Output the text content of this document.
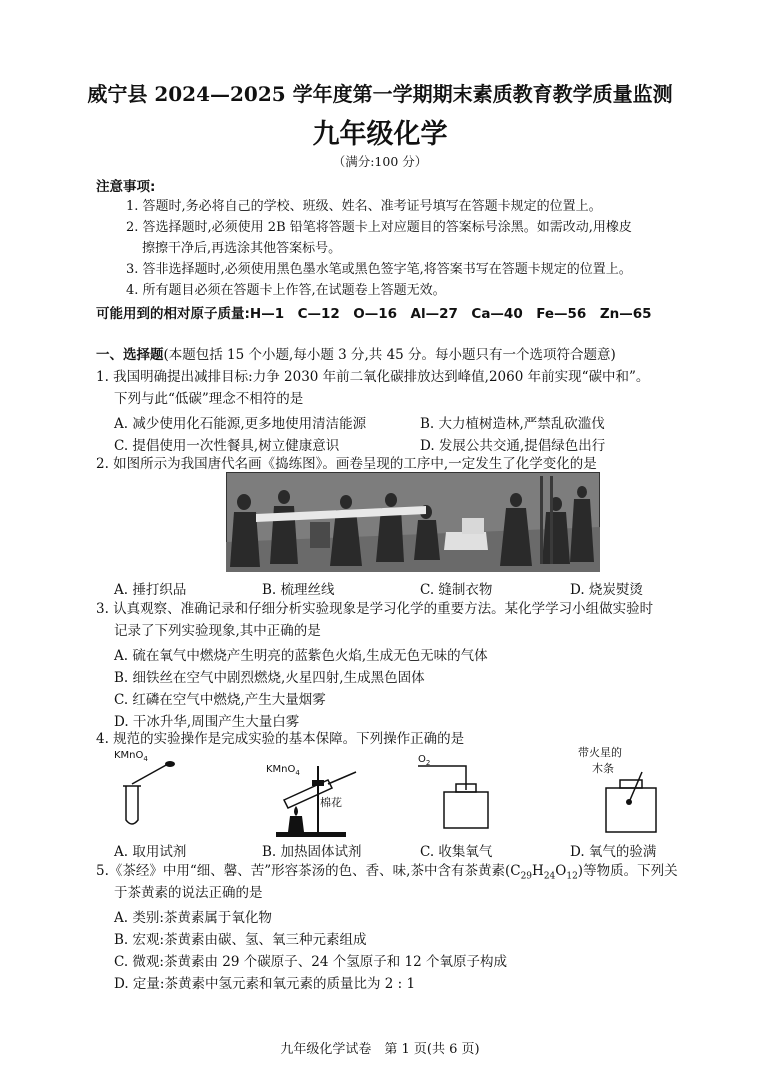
威宁县 2024—2025 学年度第一学期期末素质教育教学质量监测
九年级化学
（满分:100 分）
注意事项:
1. 答题时,务必将自己的学校、班级、姓名、准考证号填写在答题卡规定的位置上。
2. 答选择题时,必须使用 2B 铅笔将答题卡上对应题目的答案标号涂黑。如需改动,用橡皮
擦擦干净后,再选涂其他答案标号。
3. 答非选择题时,必须使用黑色墨水笔或黑色签字笔,将答案书写在答题卡规定的位置上。
4. 所有题目必须在答题卡上作答,在试题卷上答题无效。
可能用到的相对原子质量:H—1　C—12　O—16　Al—27　Ca—40　Fe—56　Zn—65
一、选择题(本题包括 15 个小题,每小题 3 分,共 45 分。每小题只有一个选项符合题意)
1. 我国明确提出减排目标:力争 2030 年前二氧化碳排放达到峰值,2060 年前实现“碳中和”。
下列与此“低碳”理念不相符的是
A. 减少使用化石能源,更多地使用清洁能源	B. 大力植树造林,严禁乱砍滥伐
C. 提倡使用一次性餐具,树立健康意识	D. 发展公共交通,提倡绿色出行
2. 如图所示为我国唐代名画《捣练图》。画卷呈现的工序中,一定发生了化学变化的是
A. 捶打织品	B. 梳理丝线	C. 缝制衣物	D. 烧炭熨烫
3. 认真观察、准确记录和仔细分析实验现象是学习化学的重要方法。某化学学习小组做实验时
记录了下列实验现象,其中正确的是
A. 硫在氧气中燃烧产生明亮的蓝紫色火焰,生成无色无味的气体
B. 细铁丝在空气中剧烈燃烧,火星四射,生成黑色固体
C. 红磷在空气中燃烧,产生大量烟雾
D. 干冰升华,周围产生大量白雾
4. 规范的实验操作是完成实验的基本保障。下列操作正确的是
KMnO$_4$
KMnO$_4$
棉花
$O_2$
带火星的
木条
A. 取用试剂	B. 加热固体试剂	C. 收集氧气	D. 氧气的验满
5.《茶经》中用“细、馨、苦”形容茶汤的色、香、味,茶中含有茶黄素$(C_{29}H_{24}O_{12})$等物质。下列关
于茶黄素的说法正确的是
A. 类别:茶黄素属于氧化物
B. 宏观:茶黄素由碳、氢、氧三种元素组成
C. 微观:茶黄素由 29 个碳原子、24 个氢原子和 12 个氧原子构成
D. 定量:茶黄素中氢元素和氧元素的质量比为 2 : 1
九年级化学试卷　第 1 页(共 6 页)
